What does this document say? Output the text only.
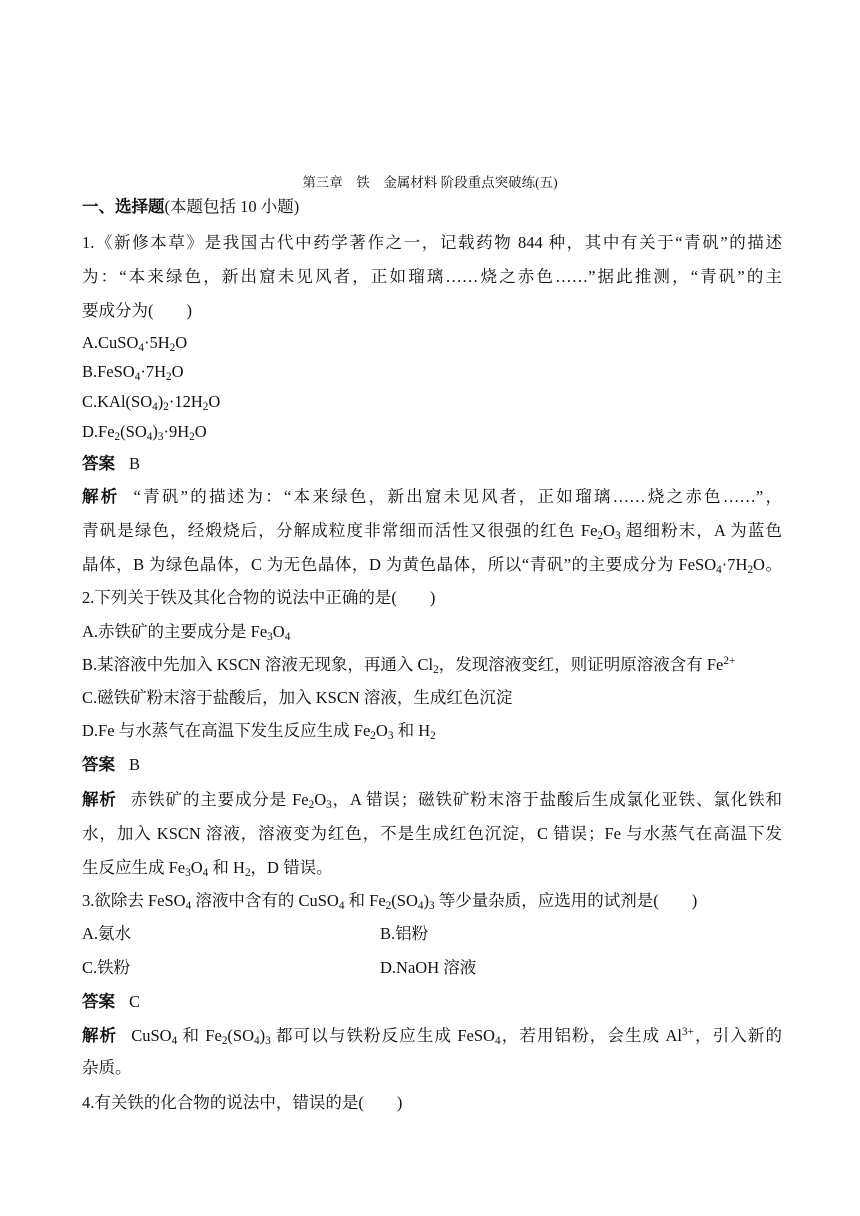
第三章　铁　金属材料 阶段重点突破练(五)
一、选择题(本题包括 10 小题)
1.《新修本草》是我国古代中药学著作之一，记载药物 844 种，其中有关于“青矾”的描述
为：“本来绿色，新出窟未见风者，正如瑠璃……烧之赤色……”据此推测，“青矾”的主
要成分为(　　)
$A.CuSO_4\cdot 5H_2O$
$B.FeSO_4\cdot 7H_2O$
$C.KAl(SO_4)_2\cdot 12H_2O$
$D.Fe_2(SO_4)_3\cdot 9H_2O$
答案 B
解析 “青矾”的描述为：“本来绿色，新出窟未见风者，正如瑠璃……烧之赤色……”，
青矾是绿色，经煅烧后，分解成粒度非常细而活性又很强的红色 $Fe_2O_3$ 超细粉末，A 为蓝色
晶体，B 为绿色晶体，C 为无色晶体，D 为黄色晶体，所以“青矾”的主要成分为 $FeSO_4\cdot 7H_2O$。
2.下列关于铁及其化合物的说法中正确的是(　　)
A.赤铁矿的主要成分是 $Fe_3O_4$
B.某溶液中先加入 KSCN 溶液无现象，再通入 $Cl_2$，发现溶液变红，则证明原溶液含有 $Fe^{2+}$
C.磁铁矿粉末溶于盐酸后，加入 KSCN 溶液，生成红色沉淀
D.Fe 与水蒸气在高温下发生反应生成 $Fe_2O_3$ 和 $H_2$
答案 B
解析 赤铁矿的主要成分是 $Fe_2O_3$，A 错误；磁铁矿粉末溶于盐酸后生成氯化亚铁、氯化铁和
水，加入 KSCN 溶液，溶液变为红色，不是生成红色沉淀，C 错误；Fe 与水蒸气在高温下发
生反应生成 $Fe_3O_4$ 和 $H_2$，D 错误。
3.欲除去 FeSO$_4$ 溶液中含有的 CuSO$_4$ 和 $Fe_2(SO_4)_3$ 等少量杂质，应选用的试剂是(　　)
A.氨水	B.铝粉
C.铁粉	D.NaOH 溶液
答案 C
解析 CuSO$_4$ 和 $Fe_2(SO_4)_3$ 都可以与铁粉反应生成 FeSO$_4$，若用铝粉，会生成 $Al^{3+}$，引入新的
杂质。
4.有关铁的化合物的说法中，错误的是(　　)
